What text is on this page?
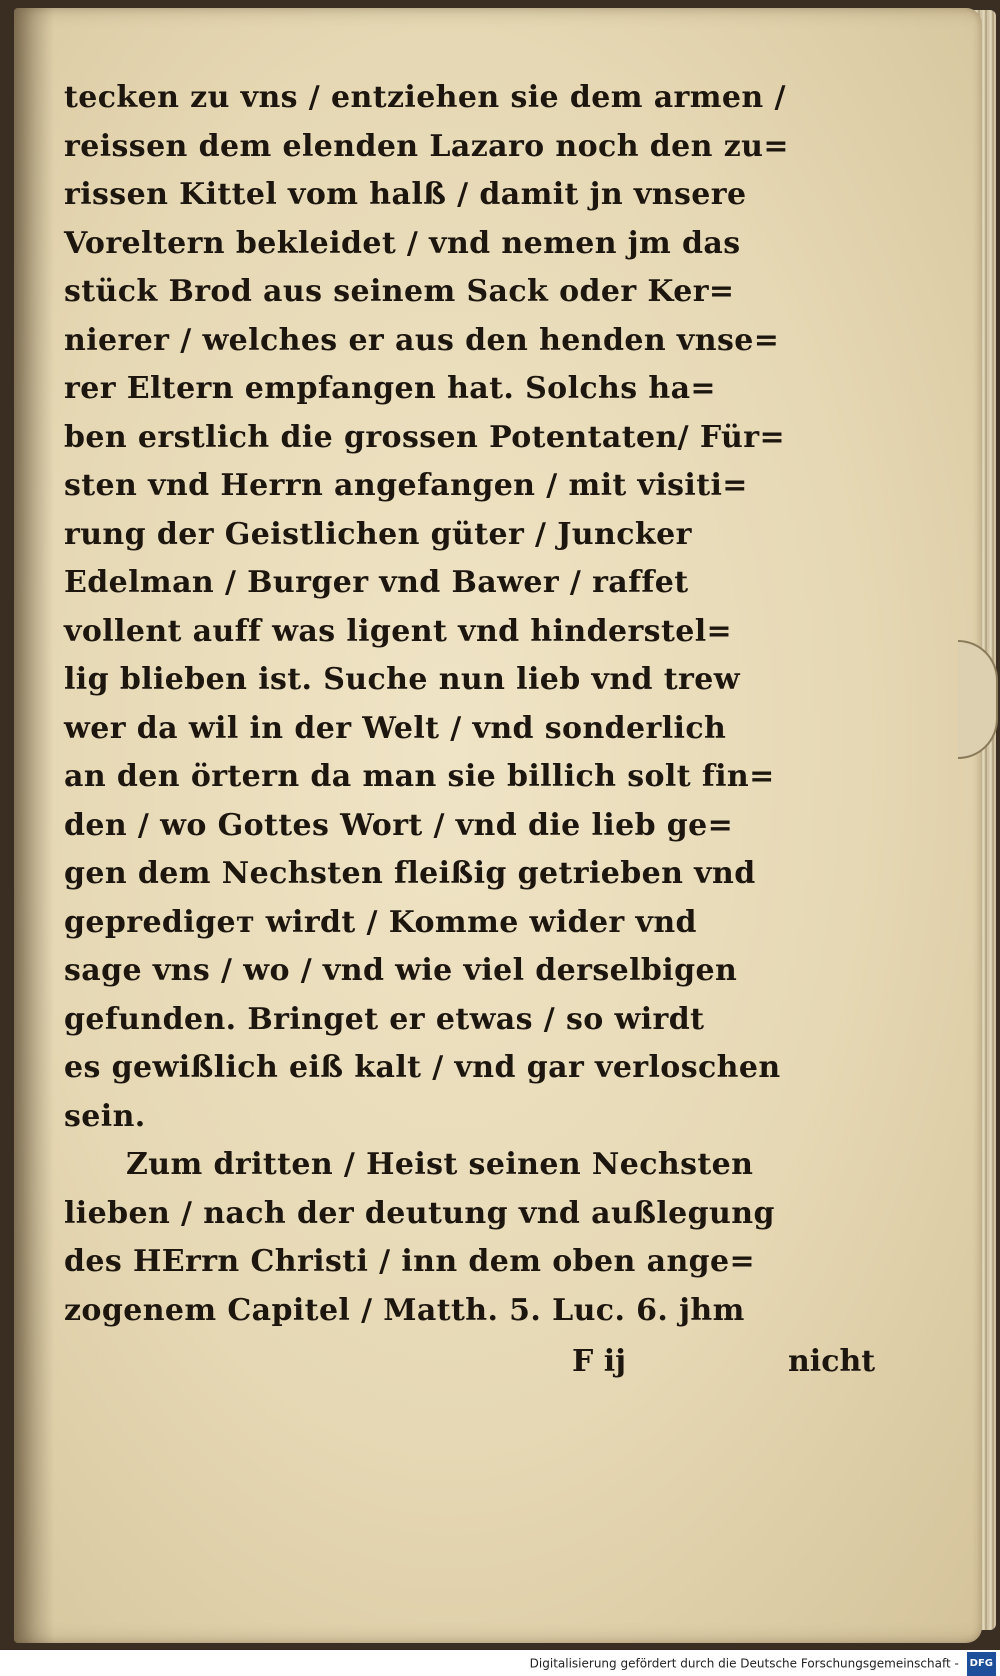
tecken zu vns / entziehen sie dem armen /
reissen dem elenden Lazaro noch den zu=
rissen Kittel vom halß / damit jn vnsere
Voreltern bekleidet / vnd nemen jm das
stück Brod aus seinem Sack oder Ker=
nierer / welches er aus den henden vnse=
rer Eltern empfangen hat. Solchs ha=
ben erstlich die grossen Potentaten/ Für=
sten vnd Herrn angefangen / mit visiti=
rung der Geistlichen güter / Juncker
Edelman / Burger vnd Bawer / raffet
vollent auff was ligent vnd hinderstel=
lig blieben ist. Suche nun lieb vnd trew
wer da wil in der Welt / vnd sonderlich
an den örtern da man sie billich solt fin=
den / wo Gottes Wort / vnd die lieb ge=
gen dem Nechsten fleißig getrieben vnd
gepredigет wirdt / Komme wider vnd
sage vns / wo / vnd wie viel derselbigen
gefunden. Bringet er etwas / so wirdt
es gewißlich eiß kalt / vnd gar verloschen
sein.
Zum dritten / Heist seinen Nechsten
lieben / nach der deutung vnd außlegung
des HErrn Christi / inn dem oben ange=
zogenem Capitel / Matth. 5. Luc. 6. jhm
F ij	nicht
Digitalisierung gefördert durch die Deutsche Forschungsgemeinschaft - DFG
